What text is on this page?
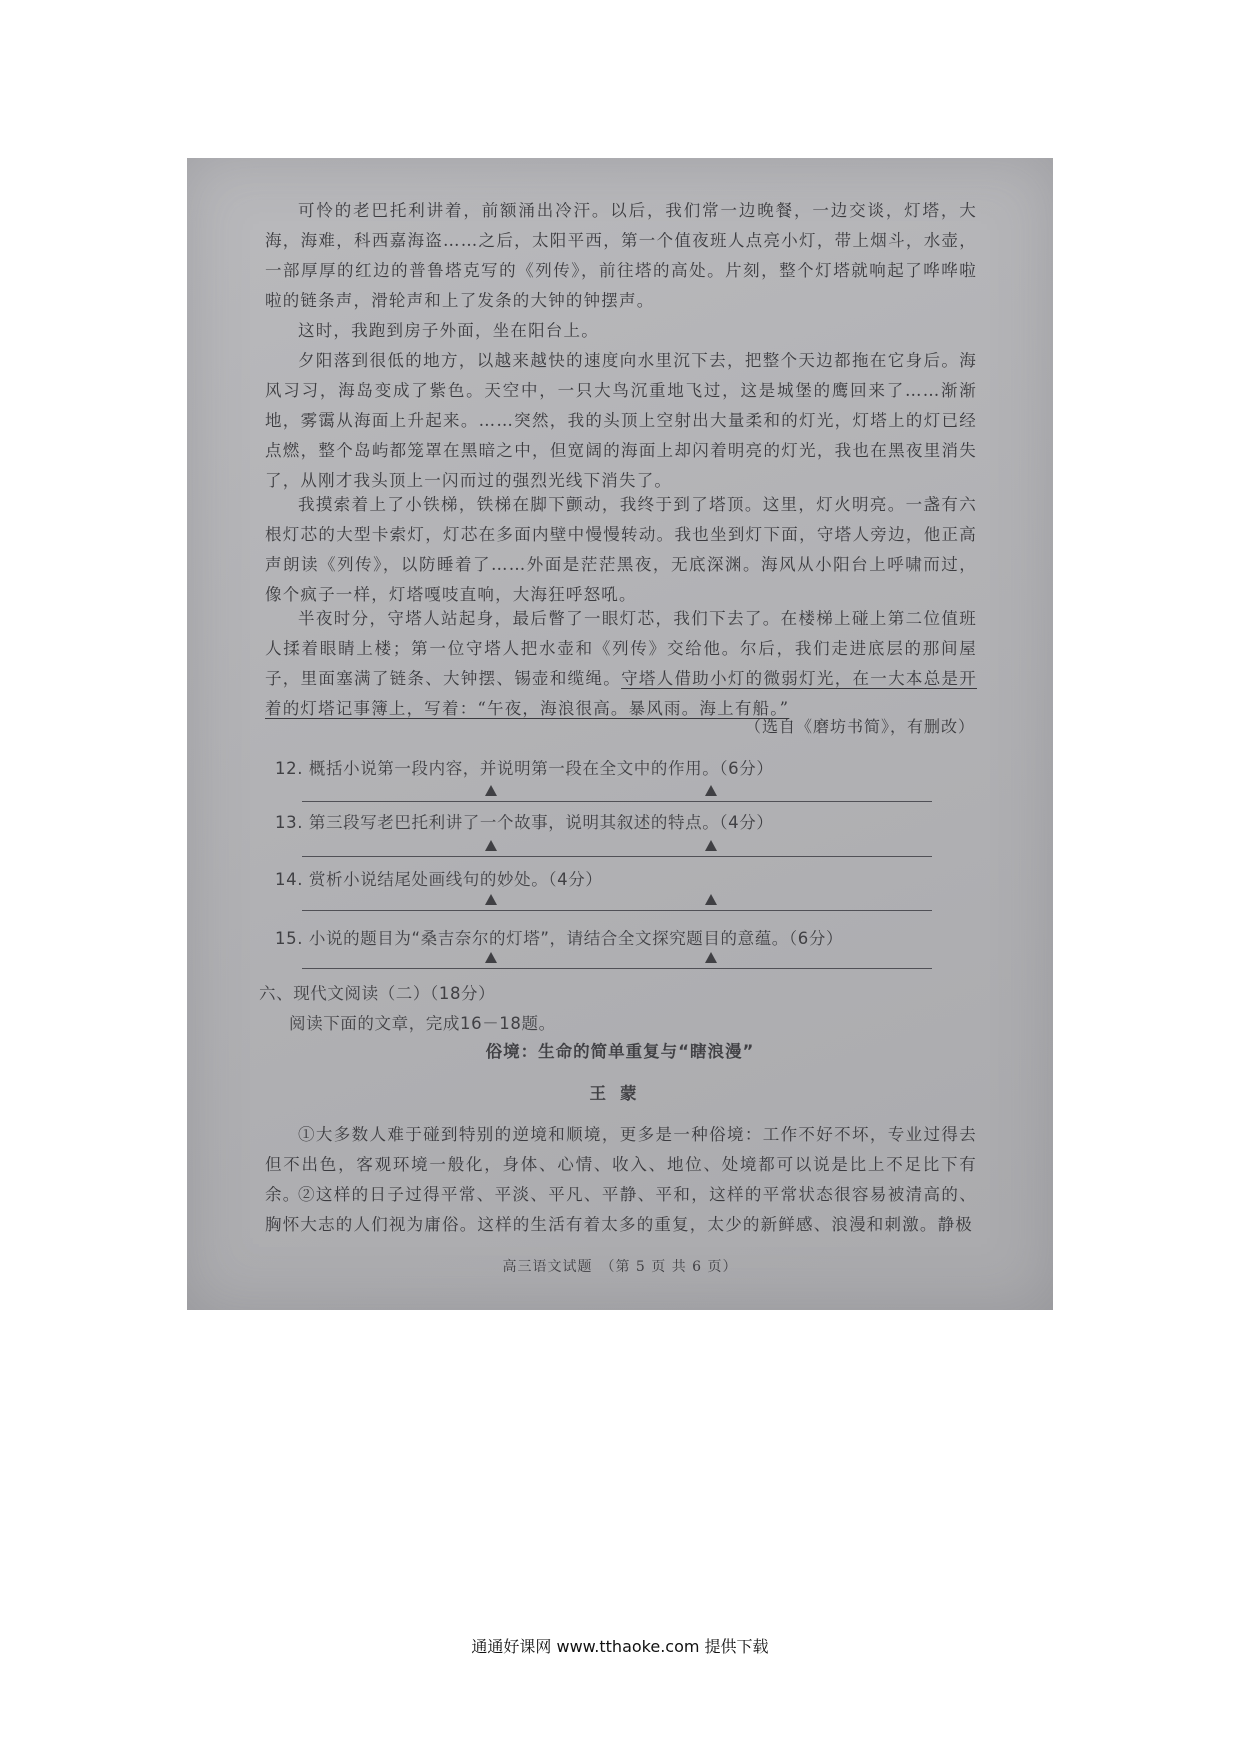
可怜的老巴托利讲着，前额涌出冷汗。以后，我们常一边晚餐，一边交谈，灯塔，大海，海难，科西嘉海盗……之后，太阳平西，第一个值夜班人点亮小灯，带上烟斗，水壶，一部厚厚的红边的普鲁塔克写的《列传》，前往塔的高处。片刻，整个灯塔就响起了哗哗啦啦的链条声，滑轮声和上了发条的大钟的钟摆声。

这时，我跑到房子外面，坐在阳台上。

夕阳落到很低的地方，以越来越快的速度向水里沉下去，把整个天边都拖在它身后。海风习习，海岛变成了紫色。天空中，一只大鸟沉重地飞过，这是城堡的鹰回来了……渐渐地，雾霭从海面上升起来。……突然，我的头顶上空射出大量柔和的灯光，灯塔上的灯已经点燃，整个岛屿都笼罩在黑暗之中，但宽阔的海面上却闪着明亮的灯光，我也在黑夜里消失了，从刚才我头顶上一闪而过的强烈光线下消失了。

我摸索着上了小铁梯，铁梯在脚下颤动，我终于到了塔顶。这里，灯火明亮。一盏有六根灯芯的大型卡索灯，灯芯在多面内壁中慢慢转动。我也坐到灯下面，守塔人旁边，他正高声朗读《列传》，以防睡着了……外面是茫茫黑夜，无底深渊。海风从小阳台上呼啸而过，像个疯子一样，灯塔嘎吱直响，大海狂呼怒吼。

半夜时分，守塔人站起身，最后瞥了一眼灯芯，我们下去了。在楼梯上碰上第二位值班人揉着眼睛上楼；第一位守塔人把水壶和《列传》交给他。尔后，我们走进底层的那间屋子，里面塞满了链条、大钟摆、锡壶和缆绳。守塔人借助小灯的微弱灯光，在一大本总是开着的灯塔记事簿上，写着：“午夜，海浪很高。暴风雨。海上有船。”

（选自《磨坊书简》，有删改）
12. 概括小说第一段内容，并说明第一段在全文中的作用。（6分）
13. 第三段写老巴托利讲了一个故事，说明其叙述的特点。（4分）
14. 赏析小说结尾处画线句的妙处。（4分）
15. 小说的题目为“桑吉奈尔的灯塔”，请结合全文探究题目的意蕴。（6分）
六、现代文阅读（二）（18分）
阅读下面的文章，完成16－18题。
俗境：生命的简单重复与“瞎浪漫”
王蒙

①大多数人难于碰到特别的逆境和顺境，更多是一种俗境：工作不好不坏，专业过得去但不出色，客观环境一般化，身体、心情、收入、地位、处境都可以说是比上不足比下有余。

②这样的日子过得平常、平淡、平凡、平静、平和，这样的平常状态很容易被清高的、胸怀大志的人们视为庸俗。这样的生活有着太多的重复，太少的新鲜感、浪漫和刺激。静极

高三语文试题　（第 5 页 共 6 页）
通通好课网 www.tthaoke.com 提供下载
